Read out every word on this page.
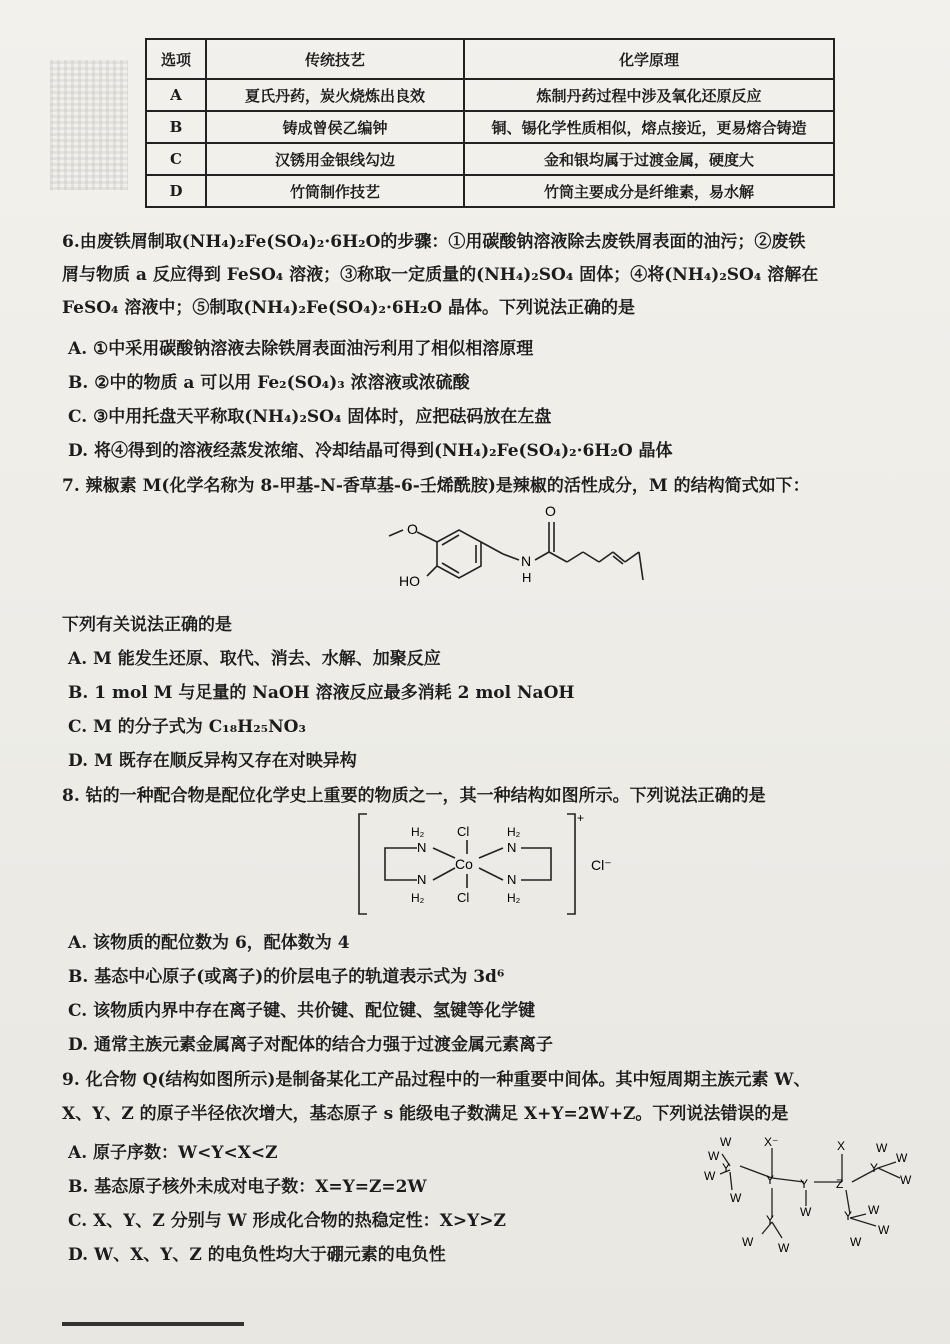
选项	传统技艺	化学原理
A	夏氏丹药，炭火烧炼出良效	炼制丹药过程中涉及氧化还原反应
B	铸成曾侯乙编钟	铜、锡化学性质相似，熔点接近，更易熔合铸造
C	汉锈用金银线勾边	金和银均属于过渡金属，硬度大
D	竹筒制作技艺	竹筒主要成分是纤维素，易水解
6.由废铁屑制取(NH₄)₂Fe(SO₄)₂·6H₂O的步骤：①用碳酸钠溶液除去废铁屑表面的油污；②废铁
屑与物质 a 反应得到 FeSO₄ 溶液；③称取一定质量的(NH₄)₂SO₄ 固体；④将(NH₄)₂SO₄ 溶解在
FeSO₄ 溶液中；⑤制取(NH₄)₂Fe(SO₄)₂·6H₂O 晶体。下列说法正确的是
A. ①中采用碳酸钠溶液去除铁屑表面油污利用了相似相溶原理
B. ②中的物质 a 可以用 Fe₂(SO₄)₃ 浓溶液或浓硫酸
C. ③中用托盘天平称取(NH₄)₂SO₄ 固体时，应把砝码放在左盘
D. 将④得到的溶液经蒸发浓缩、冷却结晶可得到(NH₄)₂Fe(SO₄)₂·6H₂O 晶体
7. 辣椒素 M(化学名称为 8-甲基-N-香草基-6-壬烯酰胺)是辣椒的活性成分，M 的结构简式如下：
O
O
HO
N
H
下列有关说法正确的是
A. M 能发生还原、取代、消去、水解、加聚反应
B. 1 mol M 与足量的 NaOH 溶液反应最多消耗 2 mol NaOH
C. M 的分子式为 C₁₈H₂₅NO₃
D. M 既存在顺反异构又存在对映异构
8. 钴的一种配合物是配位化学史上重要的物质之一，其一种结构如图所示。下列说法正确的是
Cl
Cl
Co
N
N
N
N
H₂
H₂
H₂
H₂
+
Cl⁻
A. 该物质的配位数为 6，配体数为 4
B. 基态中心原子(或离子)的价层电子的轨道表示式为 3d⁶
C. 该物质内界中存在离子键、共价键、配位键、氢键等化学键
D. 通常主族元素金属离子对配体的结合力强于过渡金属元素离子
9. 化合物 Q(结构如图所示)是制备某化工产品过程中的一种重要中间体。其中短周期主族元素 W、
X、Y、Z 的原子半径依次增大，基态原子 s 能级电子数满足 X+Y=2W+Z。下列说法错误的是
A. 原子序数：W<Y<X<Z
B. 基态原子核外未成对电子数：X=Y=Z=2W
C. X、Y、Z 分别与 W 形成化合物的热稳定性：X>Y>Z
D. W、X、Y、Z 的电负性均大于硼元素的电负性
Y
Y Y Z
Y
Y	Y
X⁻	X
W
W
W
W
W W
W	W
W
W
W
W
W
